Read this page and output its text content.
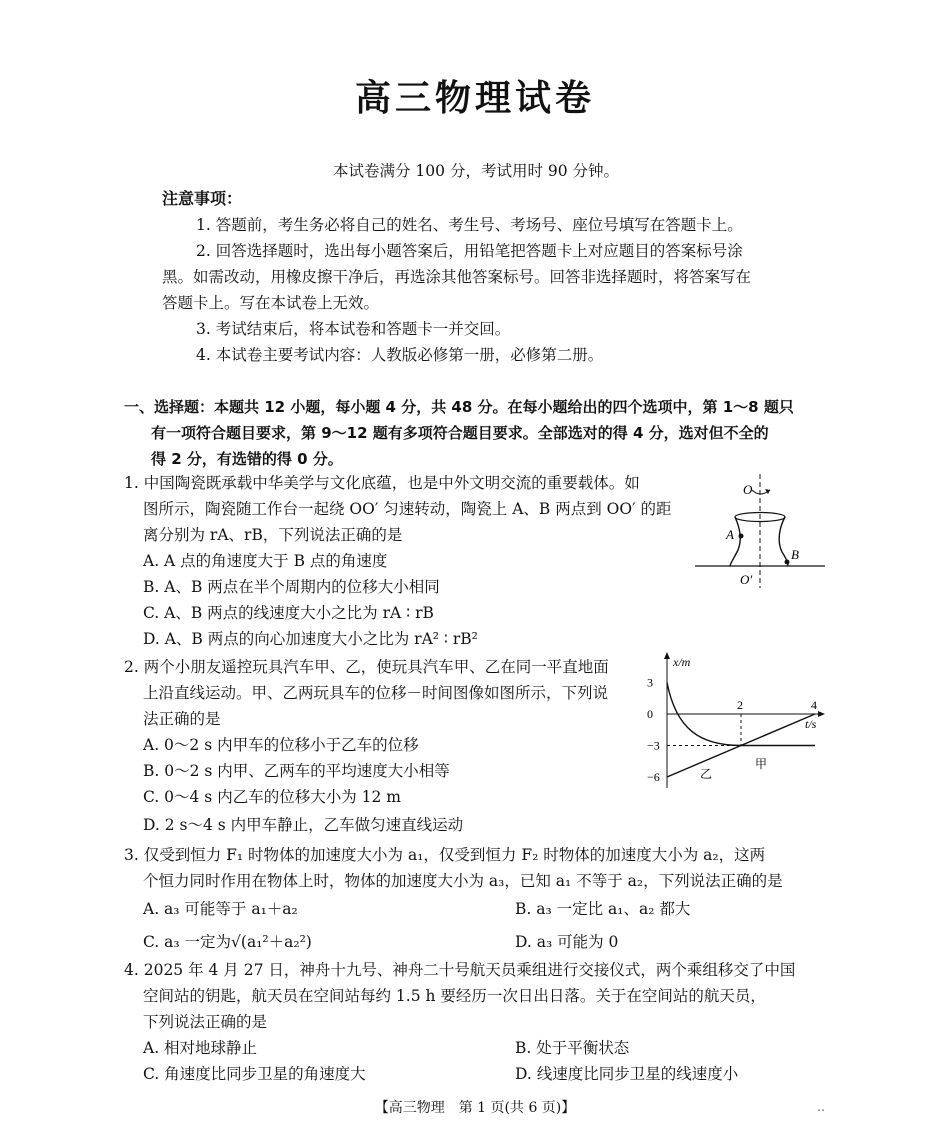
高三物理试卷
本试卷满分 100 分，考试用时 90 分钟。
注意事项：
1. 答题前，考生务必将自己的姓名、考生号、考场号、座位号填写在答题卡上。
2. 回答选择题时，选出每小题答案后，用铅笔把答题卡上对应题目的答案标号涂
黑。如需改动，用橡皮擦干净后，再选涂其他答案标号。回答非选择题时，将答案写在
答题卡上。写在本试卷上无效。
3. 考试结束后，将本试卷和答题卡一并交回。
4. 本试卷主要考试内容：人教版必修第一册，必修第二册。
一、选择题：本题共 12 小题，每小题 4 分，共 48 分。在每小题给出的四个选项中，第 1～8 题只
有一项符合题目要求，第 9～12 题有多项符合题目要求。全部选对的得 4 分，选对但不全的
得 2 分，有选错的得 0 分。
1. 中国陶瓷既承载中华美学与文化底蕴，也是中外文明交流的重要载体。如
图所示，陶瓷随工作台一起绕 OO′ 匀速转动，陶瓷上 A、B 两点到 OO′ 的距
离分别为 rA、rB，下列说法正确的是
A. A 点的角速度大于 B 点的角速度
B. A、B 两点在半个周期内的位移大小相同
C. A、B 两点的线速度大小之比为 rA ∶ rB
D. A、B 两点的向心加速度大小之比为 rA² ∶ rB²
O
A
B
O′
2. 两个小朋友遥控玩具汽车甲、乙，使玩具汽车甲、乙在同一平直地面
上沿直线运动。甲、乙两玩具车的位移－时间图像如图所示，下列说
法正确的是
A. 0～2 s 内甲车的位移小于乙车的位移
B. 0～2 s 内甲、乙两车的平均速度大小相等
C. 0～4 s 内乙车的位移大小为 12 m
D. 2 s～4 s 内甲车静止，乙车做匀速直线运动
x/m
t/s
3
0
−3
−6
2	4
甲
乙
3. 仅受到恒力 F₁ 时物体的加速度大小为 a₁，仅受到恒力 F₂ 时物体的加速度大小为 a₂，这两
个恒力同时作用在物体上时，物体的加速度大小为 a₃，已知 a₁ 不等于 a₂，下列说法正确的是
A. a₃ 可能等于 a₁＋a₂	B. a₃ 一定比 a₁、a₂ 都大
C. a₃ 一定为√(a₁²＋a₂²)	D. a₃ 可能为 0
4. 2025 年 4 月 27 日，神舟十九号、神舟二十号航天员乘组进行交接仪式，两个乘组移交了中国
空间站的钥匙，航天员在空间站每约 1.5 h 要经历一次日出日落。关于在空间站的航天员，
下列说法正确的是
A. 相对地球静止	B. 处于平衡状态
C. 角速度比同步卫星的角速度大	D. 线速度比同步卫星的线速度小
【高三物理　第 1 页(共 6 页)】	‥
